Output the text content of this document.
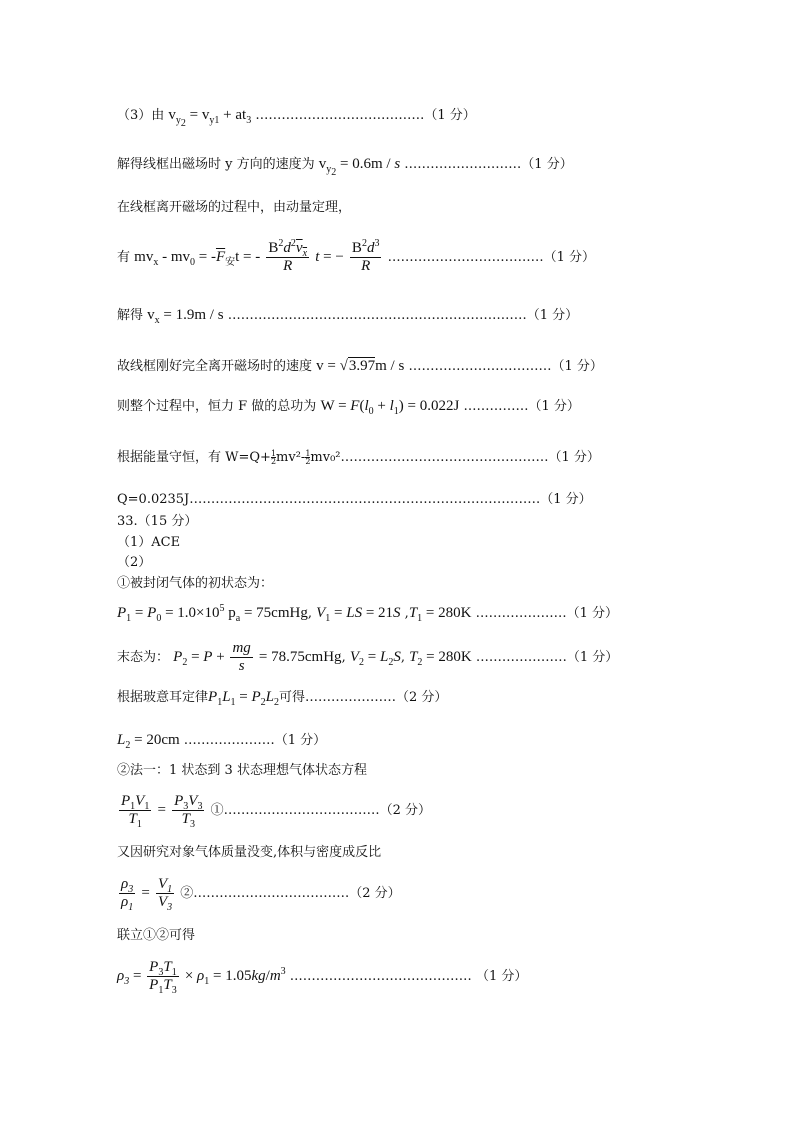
（3）由 $v_{y_2} = v_{y1} + at_3$ …………………………………（1 分）
解得线框出磁场时 y 方向的速度为 $v_{y_2} = 0.6m / s$ ………………………（1 分）
在线框离开磁场的过程中，由动量定理，
有 $mv_x - mv_0 = -\overline{F}_安t$ = - $\frac{B^2d^2v_x}{R}$ t = − $\frac{B^2d^3}{R}$ ………………………………（1 分）
解得 $v_x = 1.9m / s$ ……………………………………………………………（1 分）
故线框刚好完全离开磁场时的速度 v = √3.97m / s ……………………………（1 分）
则整个过程中，恒力 F 做的总功为 $W = F(l_0 + l_1) = 0.022J$ ……………（1 分）
根据能量守恒，有 $W=Q+ \frac{1}{2} mv^2- \frac{1}{2}$ mv₀²…………………………………………（1 分）
Q=0.0235J………………………………………………………………………（1 分）
33.（15 分）
（1）ACE
（2）
①被封闭气体的初状态为：
$P_1 = P_0 = 1.0\times 10^5$ $p_a$ = 75cmHg, $V_1$ = LS = 21S $,T_1 = 280K$ …………………（1 分）
末态为： $P_2 = P + \frac{mg}{s}$ = 78.75cmHg, $V_2 = L_2S$, $T_2 = 280K$ …………………（1 分）
根据玻意耳定律$P_1L_1 = P_2L_2$可得…………………（2 分）
$L_2 = 20cm$ …………………（1 分）
②法一：1 状态到 3 状态理想气体状态方程
$\frac{P_1V_1}{T_1} = \frac{P_3V_3}{T_3}$ ①………………………………（2 分）
又因研究对象气体质量没变,体积与密度成反比
$\frac{\rho_3}{\rho_1} = \frac{V_1}{V_3}$ ②………………………………（2 分）
联立①②可得
$\rho_3 = \frac{P_3T_1}{P_1T_3} \times \rho_1 = 1.05kg/m^3$ …………………………………… （1 分）
